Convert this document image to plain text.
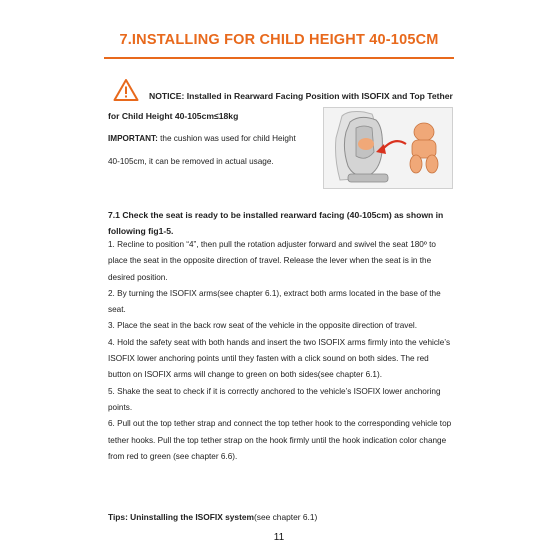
7.INSTALLING FOR CHILD HEIGHT 40-105CM
NOTICE: Installed in Rearward Facing Position with ISOFIX and Top Tether for Child Height 40-105cm≤18kg
IMPORTANT: the cushion was used for child Height 40-105cm, it can be removed in actual usage.
7.1 Check the seat is ready to be installed rearward facing (40-105cm) as shown in following fig1-5.

1. Recline to position “4”, then pull the rotation adjuster forward and swivel the seat 180º to place the seat in the opposite direction of travel. Release the lever when the seat is in the desired position.

2. By turning the ISOFIX arms(see chapter 6.1), extract both arms located in the base of the seat.

3. Place the seat in the back row seat of the vehicle in the opposite direction of travel.

4. Hold the safety seat with both hands and insert the two ISOFIX arms firmly into the vehicle’s ISOFIX lower anchoring points until they fasten with a click sound on both sides. The red button on ISOFIX arms will change to green on both sides(see chapter 6.1).

5. Shake the seat to check if it is correctly anchored to the vehicle’s ISOFIX lower anchoring points.

6. Pull out the top tether strap and connect the top tether hook to the corresponding vehicle top tether hooks. Pull the top tether strap on the hook firmly until the hook indication color change from red to green (see chapter 6.6).

Tips: Uninstalling the ISOFIX system(see chapter 6.1)
11
